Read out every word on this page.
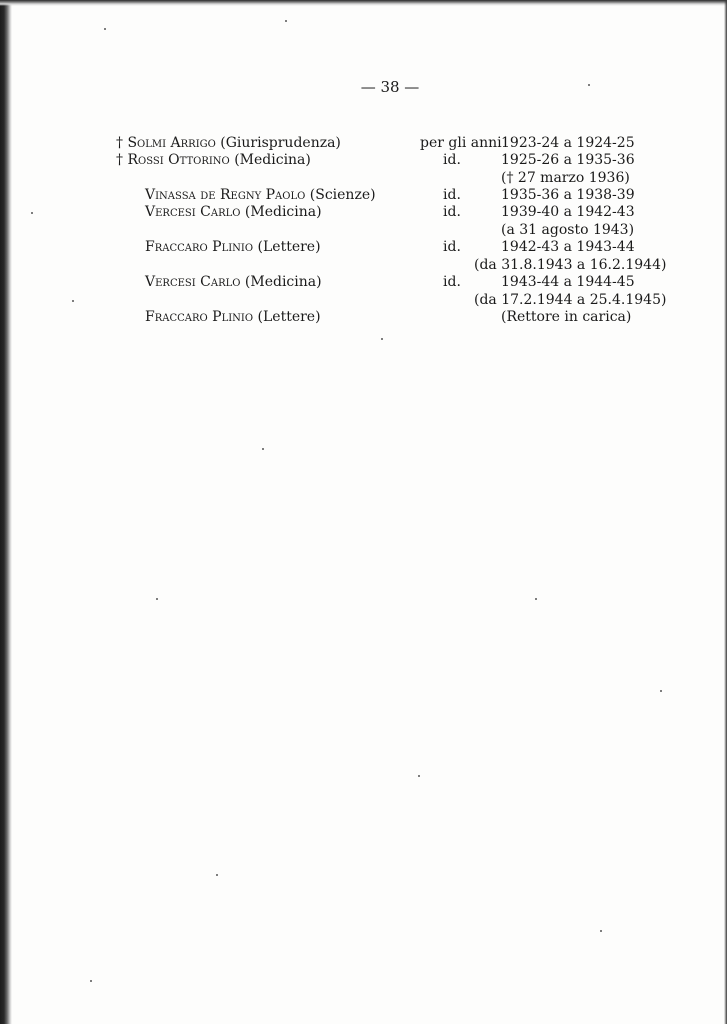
— 38 —
† Solmi Arrigo (Giurisprudenza)	per gli anni 1923-24 a 1924-25
† Rossi Ottorino (Medicina)	id.	1925-26 a 1935-36
(† 27 marzo 1936)
Vinassa de Regny Paolo (Scienze)	id.	1935-36 a 1938-39
Vercesi Carlo (Medicina)	id.	1939-40 a 1942-43
(a 31 agosto 1943)
Fraccaro Plinio (Lettere)	id.	1942-43 a 1943-44
(da 31.8.1943 a 16.2.1944)
Vercesi Carlo (Medicina)	id.	1943-44 a 1944-45
(da 17.2.1944 a 25.4.1945)
Fraccaro Plinio (Lettere)	(Rettore in carica)
